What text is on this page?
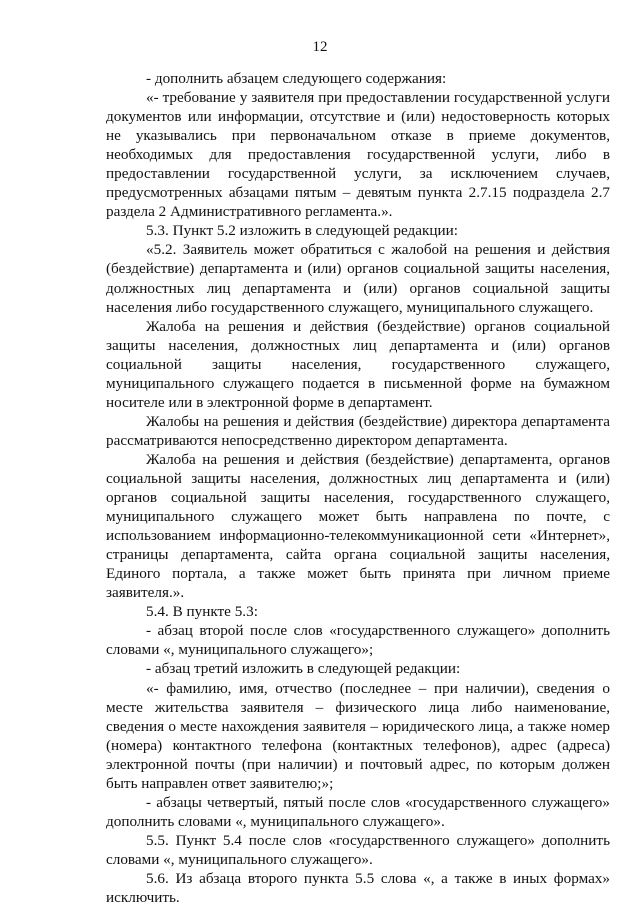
12

- дополнить абзацем следующего содержания:

«- требование у заявителя при предоставлении государственной услуги документов или информации, отсутствие и (или) недостоверность которых не указывались при первоначальном отказе в приеме документов, необходимых для предоставления государственной услуги, либо в предоставлении государственной услуги, за исключением случаев, предусмотренных абзацами пятым – девятым пункта 2.7.15 подраздела 2.7 раздела 2 Административного регламента.».

5.3. Пункт 5.2 изложить в следующей редакции:

«5.2. Заявитель может обратиться с жалобой на решения и действия (бездействие) департамента и (или) органов социальной защиты населения, должностных лиц департамента и (или) органов социальной защиты населения либо государственного служащего, муниципального служащего.

Жалоба на решения и действия (бездействие) органов социальной защиты населения, должностных лиц департамента и (или) органов социальной защиты населения, государственного служащего, муниципального служащего подается в письменной форме на бумажном носителе или в электронной форме в департамент.

Жалобы на решения и действия (бездействие) директора департамента рассматриваются непосредственно директором департамента.

Жалоба на решения и действия (бездействие) департамента, органов социальной защиты населения, должностных лиц департамента и (или) органов социальной защиты населения, государственного служащего, муниципального служащего может быть направлена по почте, с использованием информационно-телекоммуникационной сети «Интернет», страницы департамента, сайта органа социальной защиты населения, Единого портала, а также может быть принята при личном приеме заявителя.».

5.4. В пункте 5.3:

- абзац второй после слов «государственного служащего» дополнить словами «, муниципального служащего»;

- абзац третий изложить в следующей редакции:

«- фамилию, имя, отчество (последнее – при наличии), сведения о месте жительства заявителя – физического лица либо наименование, сведения о месте нахождения заявителя – юридического лица, а также номер (номера) контактного телефона (контактных телефонов), адрес (адреса) электронной почты (при наличии) и почтовый адрес, по которым должен быть направлен ответ заявителю;»;

- абзацы четвертый, пятый после слов «государственного служащего» дополнить словами «, муниципального служащего».

5.5. Пункт 5.4 после слов «государственного служащего» дополнить словами «, муниципального служащего».

5.6. Из абзаца второго пункта 5.5 слова «, а также в иных формах» исключить.
